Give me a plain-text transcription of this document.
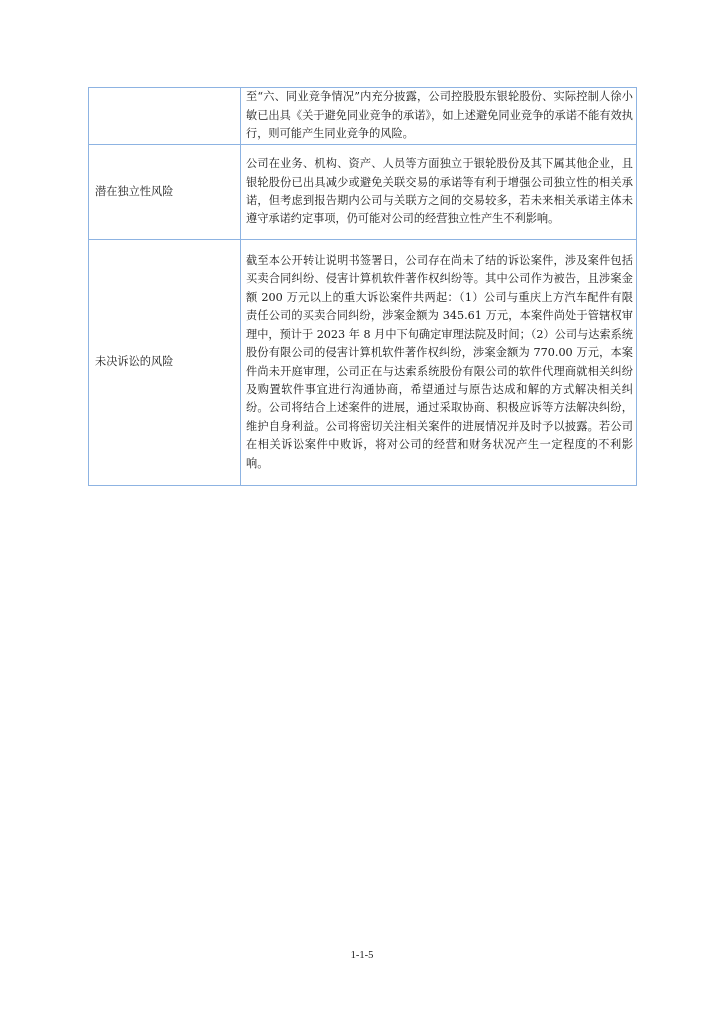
	至“六、同业竞争情况”内充分披露，公司控股股东银轮股份、实际控制人徐小敏已出具《关于避免同业竞争的承诺》，如上述避免同业竞争的承诺不能有效执行，则可能产生同业竞争的风险。
潜在独立性风险	公司在业务、机构、资产、人员等方面独立于银轮股份及其下属其他企业，且银轮股份已出具减少或避免关联交易的承诺等有利于增强公司独立性的相关承诺，但考虑到报告期内公司与关联方之间的交易较多，若未来相关承诺主体未遵守承诺约定事项，仍可能对公司的经营独立性产生不利影响。
未决诉讼的风险	截至本公开转让说明书签署日，公司存在尚未了结的诉讼案件，涉及案件包括买卖合同纠纷、侵害计算机软件著作权纠纷等。其中公司作为被告，且涉案金额 200 万元以上的重大诉讼案件共两起：（1）公司与重庆上方汽车配件有限责任公司的买卖合同纠纷，涉案金额为 345.61 万元，本案件尚处于管辖权审理中，预计于 2023 年 8 月中下旬确定审理法院及时间；（2）公司与达索系统股份有限公司的侵害计算机软件著作权纠纷，涉案金额为 770.00 万元，本案件尚未开庭审理，公司正在与达索系统股份有限公司的软件代理商就相关纠纷及购置软件事宜进行沟通协商，希望通过与原告达成和解的方式解决相关纠纷。公司将结合上述案件的进展，通过采取协商、积极应诉等方法解决纠纷，维护自身利益。公司将密切关注相关案件的进展情况并及时予以披露。若公司在相关诉讼案件中败诉，将对公司的经营和财务状况产生一定程度的不利影响。
1-1-5
